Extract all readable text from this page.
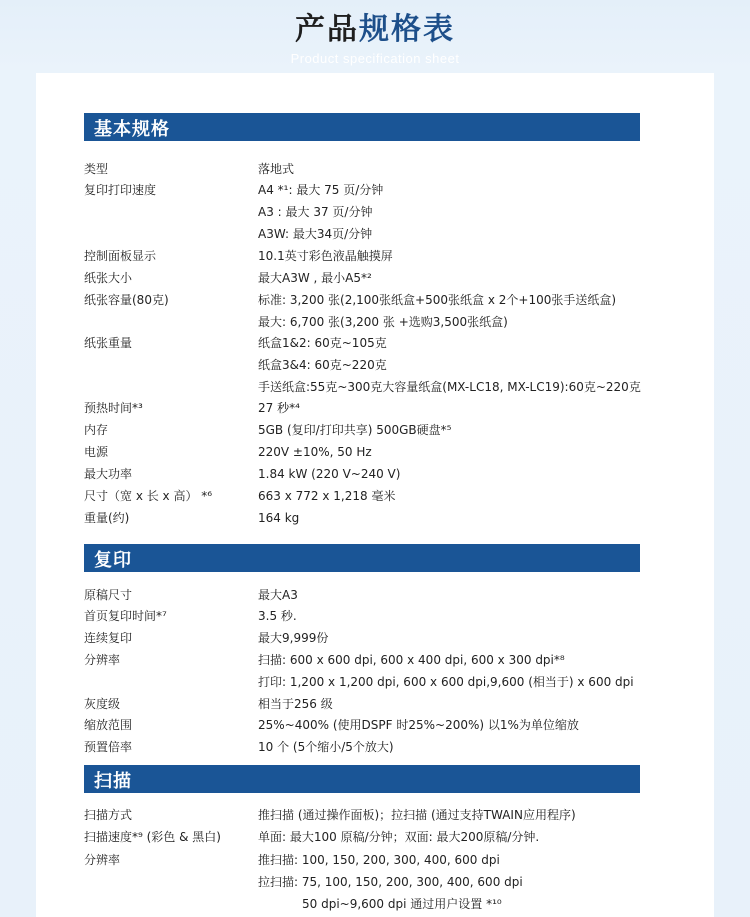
产品规格表
Product specification sheet
基本规格
类型	落地式
复印打印速度	A4 *¹: 最大 75 页/分钟
A3 : 最大 37 页/分钟
A3W: 最大34页/分钟
控制面板显示	10.1英寸彩色液晶触摸屏
纸张大小	最大A3W , 最小A5*²
纸张容量(80克)	标准: 3,200 张(2,100张纸盒+500张纸盒 x 2个+100张手送纸盒)
最大: 6,700 张(3,200 张 +选购3,500张纸盒)
纸张重量	纸盒1&2: 60克~105克
纸盒3&4: 60克~220克
手送纸盒:55克~300克大容量纸盒(MX-LC18, MX-LC19):60克~220克
预热时间*³	27 秒*⁴
内存	5GB (复印/打印共享) 500GB硬盘*⁵
电源	220V ±10%, 50 Hz
最大功率	1.84 kW (220 V~240 V)
尺寸（宽 x 长 x 高） *⁶	663 x 772 x 1,218 毫米
重量(约)	164 kg
复印
原稿尺寸	最大A3
首页复印时间*⁷	3.5 秒.
连续复印	最大9,999份
分辨率	扫描: 600 x 600 dpi, 600 x 400 dpi, 600 x 300 dpi*⁸
打印: 1,200 x 1,200 dpi, 600 x 600 dpi,9,600 (相当于) x 600 dpi
灰度级	相当于256 级
缩放范围	25%~400% (使用DSPF 时25%~200%) 以1%为单位缩放
预置倍率	10 个 (5个缩小/5个放大)
扫描
扫描方式	推扫描 (通过操作面板)；拉扫描 (通过支持TWAIN应用程序)
扫描速度*⁹ (彩色 & 黑白)	单面: 最大100 原稿/分钟；双面: 最大200原稿/分钟.
分辨率	推扫描: 100, 150, 200, 300, 400, 600 dpi
拉扫描: 75, 100, 150, 200, 300, 400, 600 dpi
50 dpi~9,600 dpi 通过用户设置 *¹⁰
